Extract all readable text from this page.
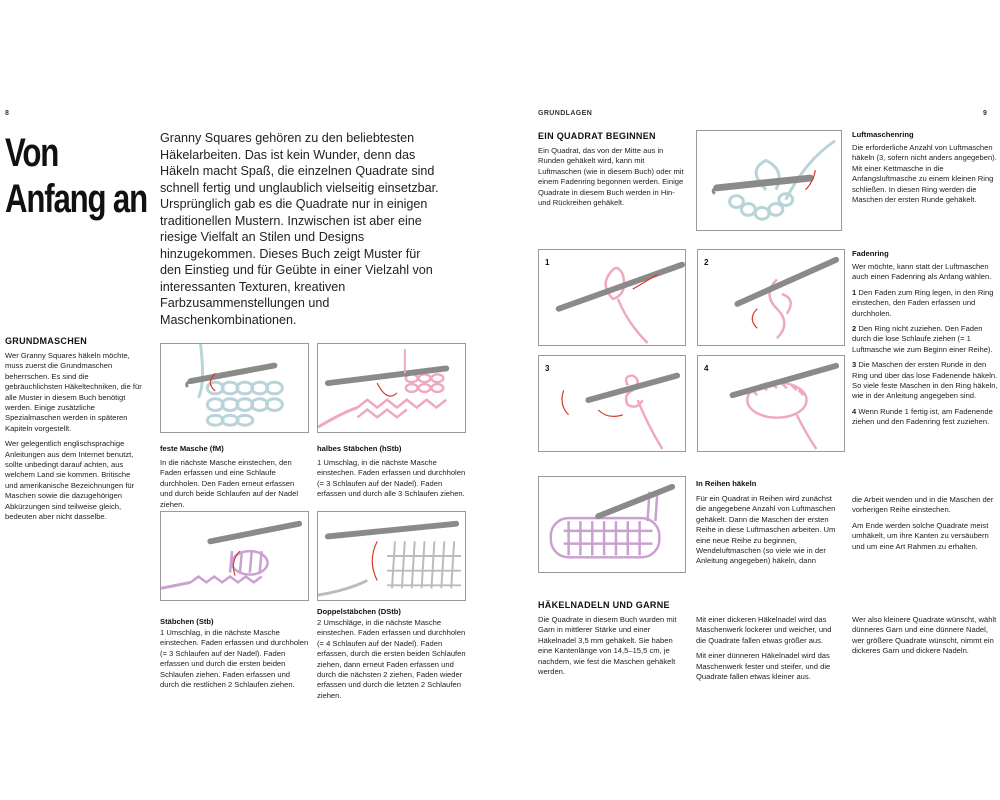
8
Von
Anfang an
Granny Squares gehören zu den beliebtesten Häkelarbeiten. Das ist kein Wunder, denn das Häkeln macht Spaß, die einzelnen Quadrate sind schnell fertig und unglaublich vielseitig einsetzbar.
Ursprünglich gab es die Quadrate nur in einigen traditionellen Mustern. Inzwischen ist aber eine riesige Vielfalt an Stilen und Designs hinzugekommen. Dieses Buch zeigt Muster für den Einstieg und für Geübte in einer Vielzahl von interessanten Texturen, kreativen Farbzusammenstellungen und Maschenkombinationen.
GRUNDMASCHEN

Wer Granny Squares häkeln möchte, muss zuerst die Grundmaschen beherrschen. Es sind die gebräuchlichsten Häkeltechniken, die für alle Muster in diesem Buch benötigt werden. Einige zusätzliche Spezialmaschen werden in späteren Kapiteln vorgestellt.

Wer gelegentlich englischsprachige Anleitungen aus dem Internet benutzt, sollte unbedingt darauf achten, aus welchem Land sie kommen. Britische und amerikanische Bezeichnungen für Maschen sowie die dazugehörigen Abkürzungen sind teilweise gleich, bedeuten aber nicht dasselbe.

feste Masche (fM)
In die nächste Masche einstechen, den Faden erfassen und eine Schlaufe durchholen. Den Faden erneut erfassen und durch beide Schlaufen auf der Nadel ziehen.
halbes Stäbchen (hStb)
1 Umschlag, in die nächste Masche einstechen. Faden erfassen und durchholen (= 3 Schlaufen auf der Nadel). Faden erfassen und durch alle 3 Schlaufen ziehen.
Stäbchen (Stb)
1 Umschlag, in die nächste Masche einstechen. Faden erfassen und durchholen (= 3 Schlaufen auf der Nadel). Faden erfassen und durch die ersten beiden Schlaufen ziehen. Faden erfassen und durch die restlichen 2 Schlaufen ziehen.
Doppelstäbchen (DStb)
2 Umschläge, in die nächste Masche einstechen. Faden erfassen und durchholen (= 4 Schlaufen auf der Nadel). Faden erfassen, durch die ersten beiden Schlaufen ziehen, dann erneut Faden erfassen und durch die nächsten 2 ziehen, Faden wieder erfassen und durch die letzten 2 Schlaufen ziehen.
GRUNDLAGEN	9
EIN QUADRAT BEGINNEN
Ein Quadrat, das von der Mitte aus in Runden gehäkelt wird, kann mit Luftmaschen (wie in diesem Buch) oder mit einem Fadenring begonnen werden. Einige Quadrate in diesem Buch werden in Hin- und Rückreihen gehäkelt.
Luftmaschenring
Die erforderliche Anzahl von Luftmaschen häkeln (3, sofern nicht anders angegeben). Mit einer Kettmasche in die Anfangsluftmasche zu einem kleinen Ring schließen. In diesen Ring werden die Maschen der ersten Runde gehäkelt.
1	2
3	4
Fadenring
Wer möchte, kann statt der Luftmaschen auch einen Fadenring als Anfang wählen.
1 Den Faden zum Ring legen, in den Ring einstechen, den Faden erfassen und durchholen.
2 Den Ring nicht zuziehen. Den Faden durch die lose Schlaufe ziehen (= 1 Luftmasche wie zum Beginn einer Reihe).
3 Die Maschen der ersten Runde in den Ring und über das lose Fadenende häkeln. So viele feste Maschen in den Ring häkeln, wie in der Anleitung angegeben sind.
4 Wenn Runde 1 fertig ist, am Fadenende ziehen und den Fadenring fest zuziehen.
In Reihen häkeln
Für ein Quadrat in Reihen wird zunächst die angegebene Anzahl von Luftmaschen gehäkelt. Dann die Maschen der ersten Reihe in diese Luftmaschen arbeiten. Um eine neue Reihe zu beginnen, Wendeluftmaschen (so viele wie in der Anleitung angegeben) häkeln, dann

die Arbeit wenden und in die Maschen der vorherigen Reihe einstechen.

Am Ende werden solche Quadrate meist umhäkelt, um ihre Kanten zu versäubern und um eine Art Rahmen zu erhalten.

HÄKELNADELN UND GARNE
Die Quadrate in diesem Buch wurden mit Garn in mittlerer Stärke und einer Häkelnadel 3,5 mm gehäkelt. Sie haben eine Kantenlänge von 14,5–15,5 cm, je nachdem, wie fest die Maschen gehäkelt werden.

Mit einer dickeren Häkelnadel wird das Maschenwerk lockerer und weicher, und die Quadrate fallen etwas größer aus.

Mit einer dünneren Häkelnadel wird das Maschenwerk fester und steifer, und die Quadrate fallen etwas kleiner aus.

Wer also kleinere Quadrate wünscht, wählt dünneres Garn und eine dünnere Nadel, wer größere Quadrate wünscht, nimmt ein dickeres Garn und dickere Nadeln.
